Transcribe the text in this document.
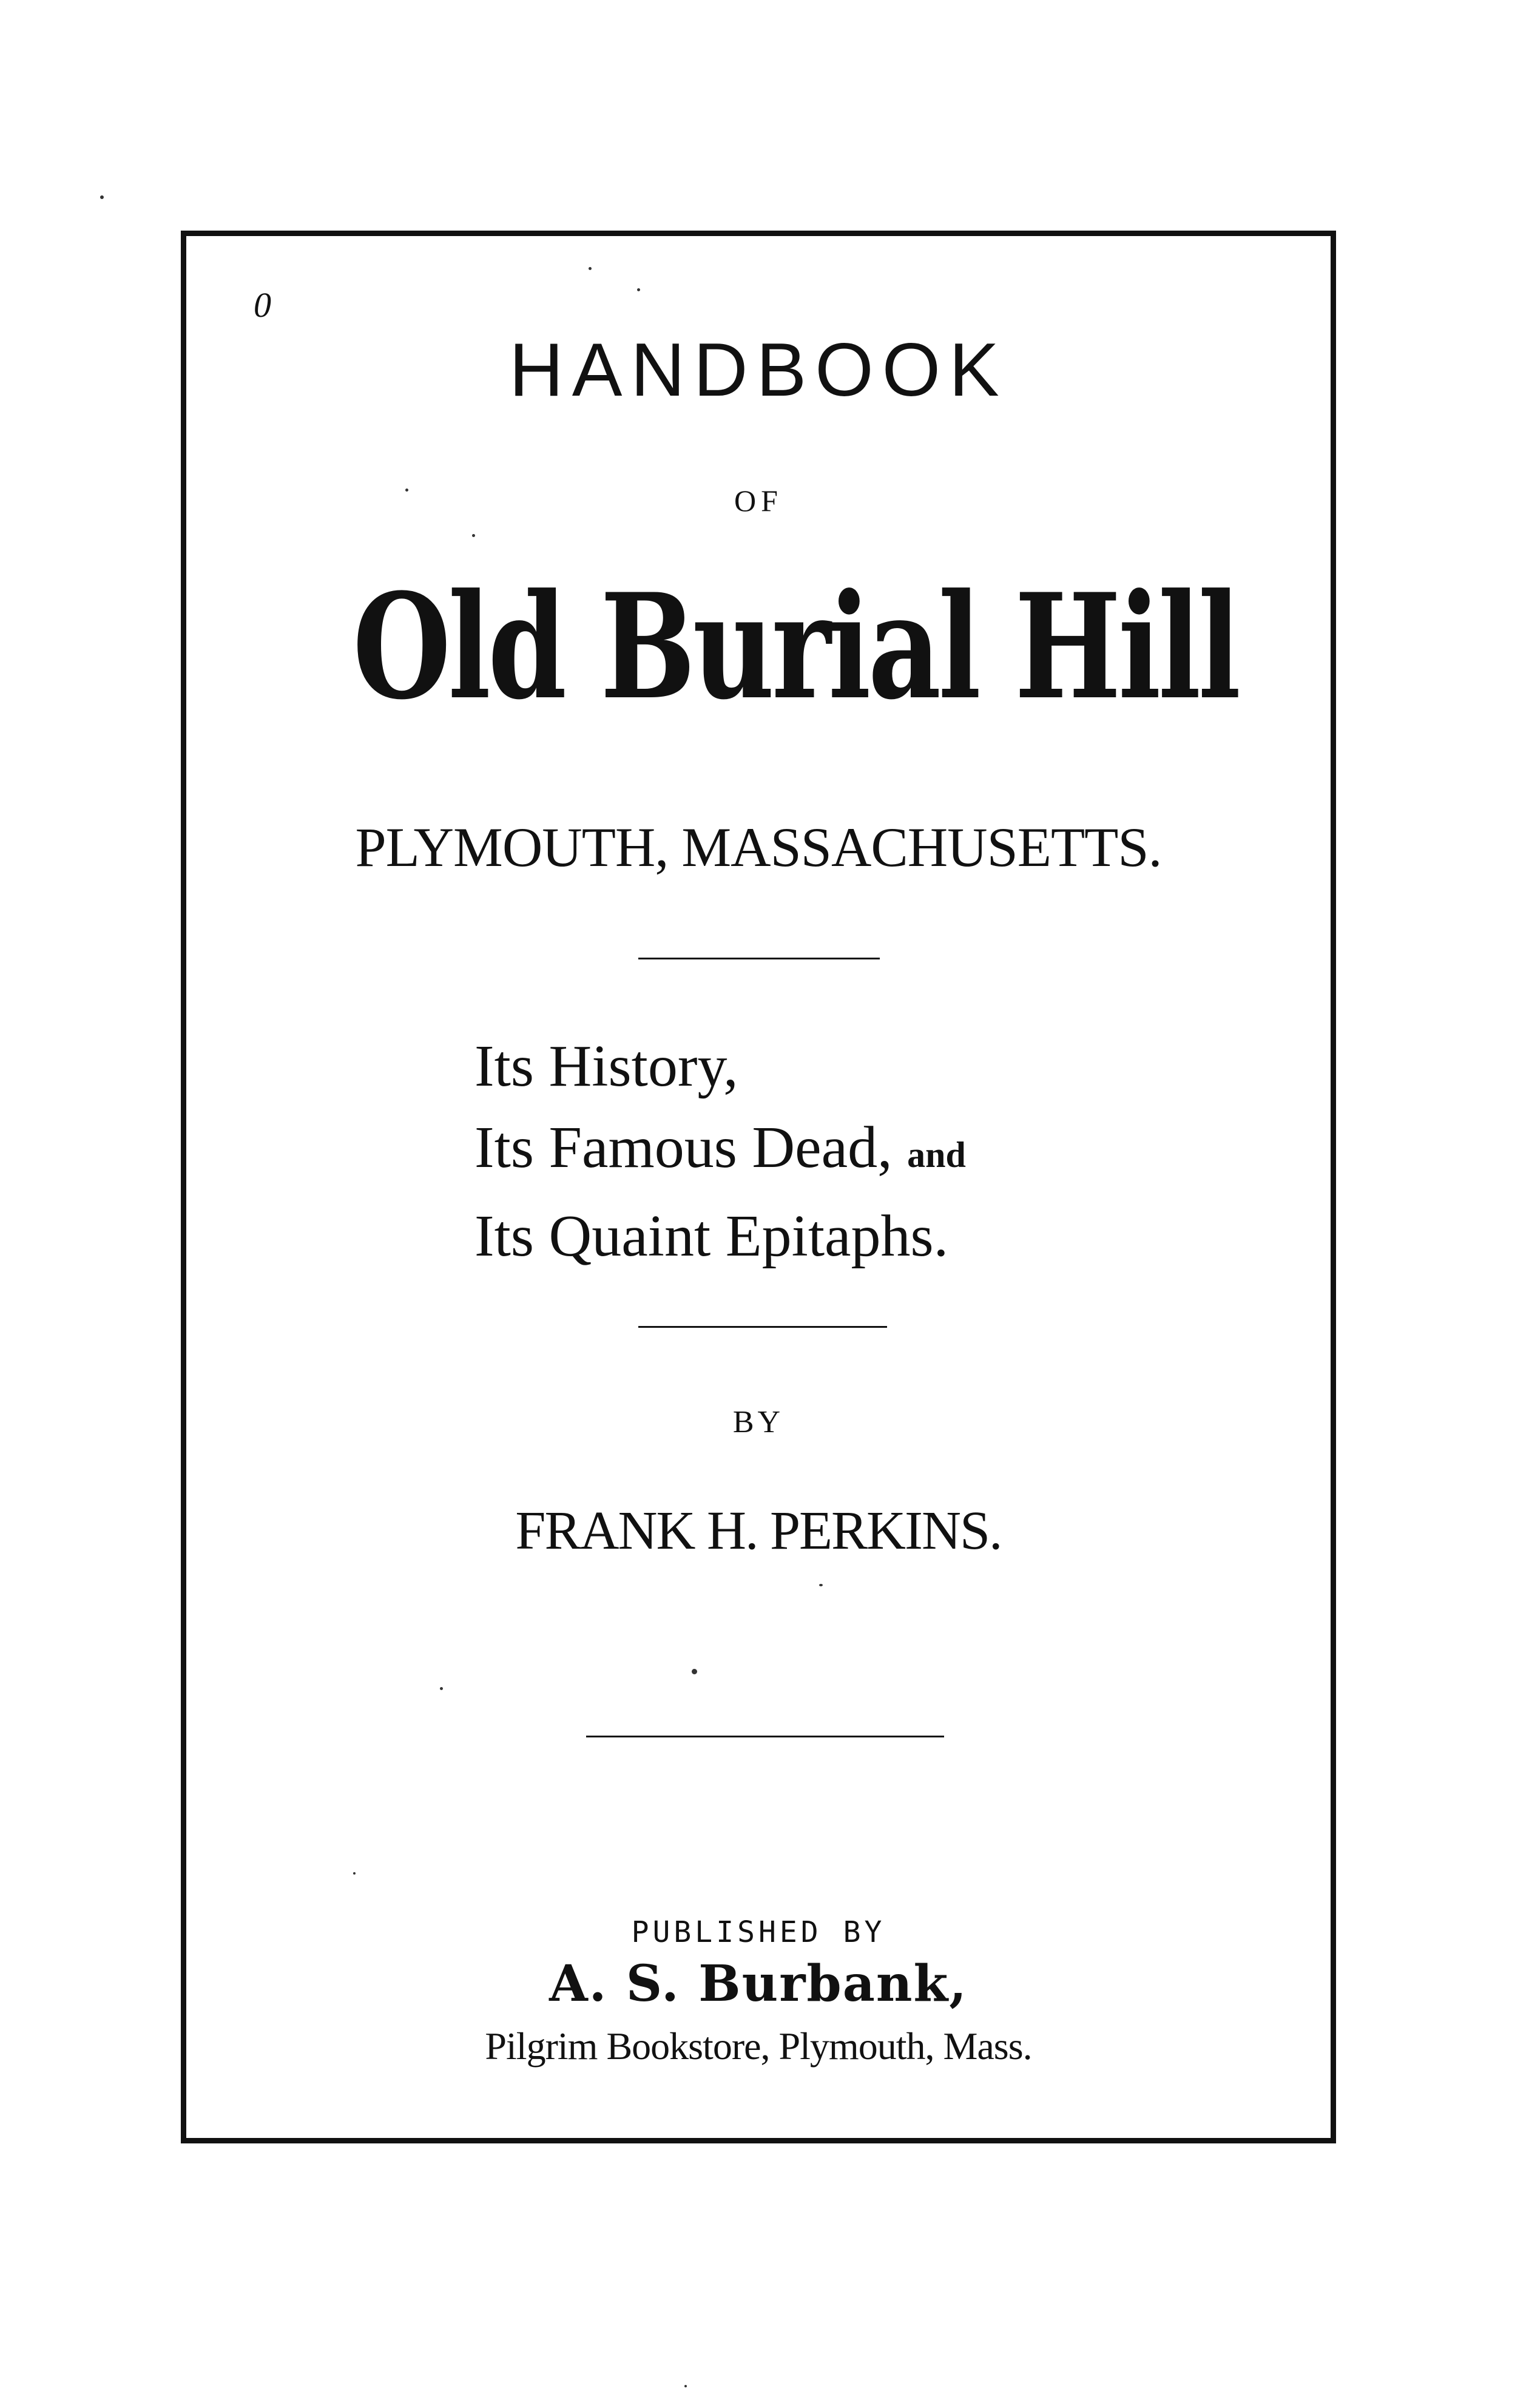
0
HANDBOOK
OF
Old Burial Hill
PLYMOUTH, MASSACHUSETTS.
Its History,
Its Famous Dead, and
Its Quaint Epitaphs.
BY
FRANK H. PERKINS.
PUBLISHED BY
A. S. Burbank,
Pilgrim Bookstore, Plymouth, Mass.
